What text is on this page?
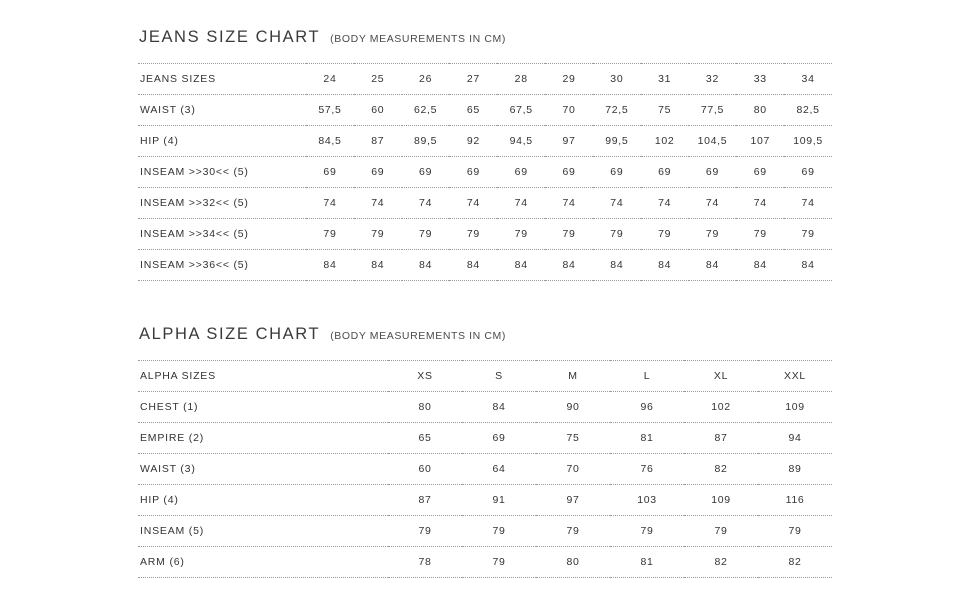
JEANS SIZE CHART (BODY MEASUREMENTS IN CM)
JEANS SIZES	24	25	26	27	28	29	30	31	32	33	34
WAIST (3)	57,5	60	62,5	65	67,5	70	72,5	75	77,5	80	82,5
HIP (4)	84,5	87	89,5	92	94,5	97	99,5	102	104,5	107	109,5
INSEAM >>30<< (5)	69	69	69	69	69	69	69	69	69	69	69
INSEAM >>32<< (5)	74	74	74	74	74	74	74	74	74	74	74
INSEAM >>34<< (5)	79	79	79	79	79	79	79	79	79	79	79
INSEAM >>36<< (5)	84	84	84	84	84	84	84	84	84	84	84
ALPHA SIZE CHART (BODY MEASUREMENTS IN CM)
ALPHA SIZES	XS	S	M	L	XL	XXL
CHEST (1)	80	84	90	96	102	109
EMPIRE (2)	65	69	75	81	87	94
WAIST (3)	60	64	70	76	82	89
HIP (4)	87	91	97	103	109	116
INSEAM (5)	79	79	79	79	79	79
ARM (6)	78	79	80	81	82	82
